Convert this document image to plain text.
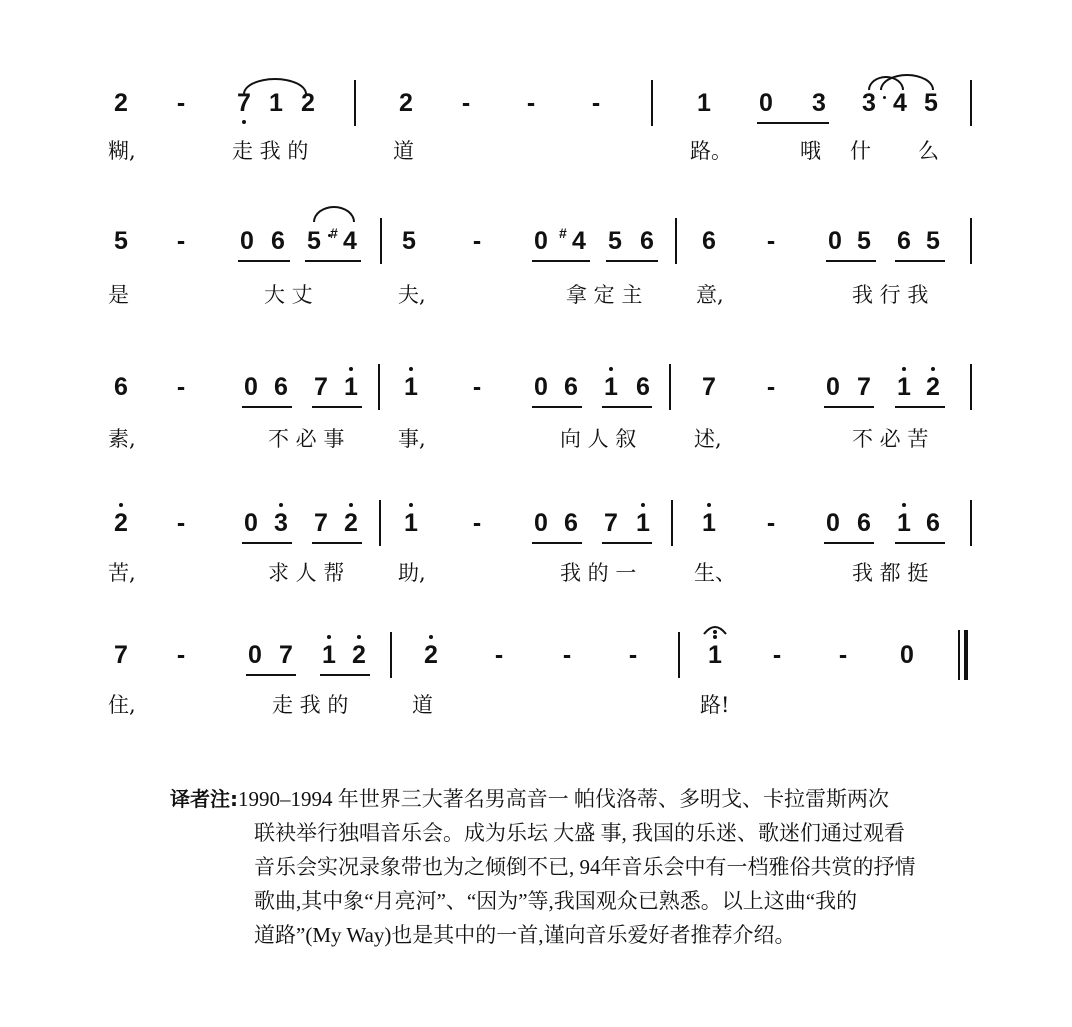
2 - 7 1 2	2 - - -	1 0 3 3 4 5
糊,	走 我 的	道	路。	哦 什 么
5 - 0 6 5 # 4 5 - 0 # 4 5 6 6 - 0 5 6 5
是	大 丈	夫,	拿 定 主	意,	我 行 我
6 - 0 6 7 1 1 - 0 6 1 6 7 - 0 7 1 2
素,	不 必 事	事,	向 人 叙	述,	不 必 苦
2 - 0 3 7 2 1 - 0 6 7 1 1 - 0 6 1 6
苦,	求 人 帮	助,	我 的 一	生、	我 都 挺
7 -	0 7 1 2 2 - - -	1 - - 0
住,	走 我 的	道	路!
译者注:1990–1994 年世界三大著名男高音一 帕伐洛蒂、多明戈、卡拉雷斯两次
联袂举行独唱音乐会。成为乐坛 大盛 事, 我国的乐迷、歌迷们通过观看
音乐会实况录象带也为之倾倒不已, 94年音乐会中有一档雅俗共赏的抒情
歌曲,其中象“月亮河”、“因为”等,我国观众已熟悉。以上这曲“我的
道路”(My Way)也是其中的一首,谨向音乐爱好者推荐介绍。
